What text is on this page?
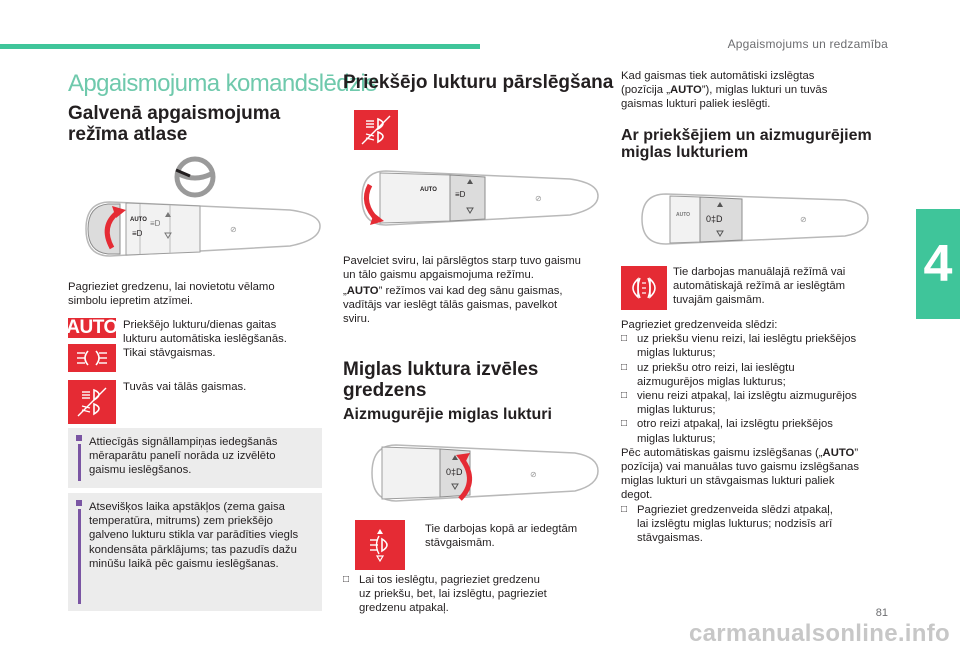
Apgaismojums un redzamība
4
Apgaismojuma komandslēdzis
Galvenā apgaismojuma
režīma atlase
AUTO
≡D
≡D
⊘
Pagrieziet gredzenu, lai novietotu vēlamo
simbolu iepretim atzīmei.
AUTO Priekšējo lukturu/dienas gaitas
lukturu automātiska ieslēgšanās.
Tikai stāvgaismas.
Tuvās vai tālās gaismas.

Attiecīgās signāllampiņas iedegšanās
mēraparātu panelī norāda uz izvēlēto
gaismu ieslēgšanos.

Atsevišķos laika apstākļos (zema gaisa
temperatūra, mitrums) zem priekšējo
galveno lukturu stikla var parādīties viegls
kondensāta pārklājums; tas pazudīs dažu
minūšu laikā pēc gaismu ieslēgšanas.

Priekšējo lukturu pārslēgšana
AUTO ≡D	⊘
Pavelciet sviru, lai pārslēgtos starp tuvo gaismu
un tālo gaismu apgaismojuma režīmu.
„AUTO” režīmos vai kad deg sānu gaismas,
vadītājs var ieslēgt tālās gaismas, pavelkot
sviru.
Miglas luktura izvēles
gredzens
Aizmugurējie miglas lukturi
0‡D	⊘
Tie darbojas kopā ar iedegtām
stāvgaismām.
□ Lai tos ieslēgtu, pagrieziet gredzenu
uz priekšu, bet, lai izslēgtu, pagrieziet
gredzenu atpakaļ.
Kad gaismas tiek automātiski izslēgtas
(pozīcija „AUTO”), miglas lukturi un tuvās
gaismas lukturi paliek ieslēgti.
Ar priekšējiem un aizmugurējiem
miglas lukturiem
AUTO 0‡D	⊘
Tie darbojas manuālajā režīmā vai
automātiskajā režīmā ar ieslēgtām
tuvajām gaismām.
Pagrieziet gredzenveida slēdzi:
□ uz priekšu vienu reizi, lai ieslēgtu priekšējos
miglas lukturus;
□ uz priekšu otro reizi, lai ieslēgtu
aizmugurējos miglas lukturus;
□ vienu reizi atpakaļ, lai izslēgtu aizmugurējos
miglas lukturus;
□ otro reizi atpakaļ, lai izslēgtu priekšējos
miglas lukturus;
Pēc automātiskas gaismu izslēgšanas („AUTO”
pozīcija) vai manuālas tuvo gaismu izslēgšanas
miglas lukturi un stāvgaismas lukturi paliek
degot.
□ Pagrieziet gredzenveida slēdzi atpakaļ,
lai izslēgtu miglas lukturus; nodzisīs arī
stāvgaismas.
81
carmanualsonline.info
